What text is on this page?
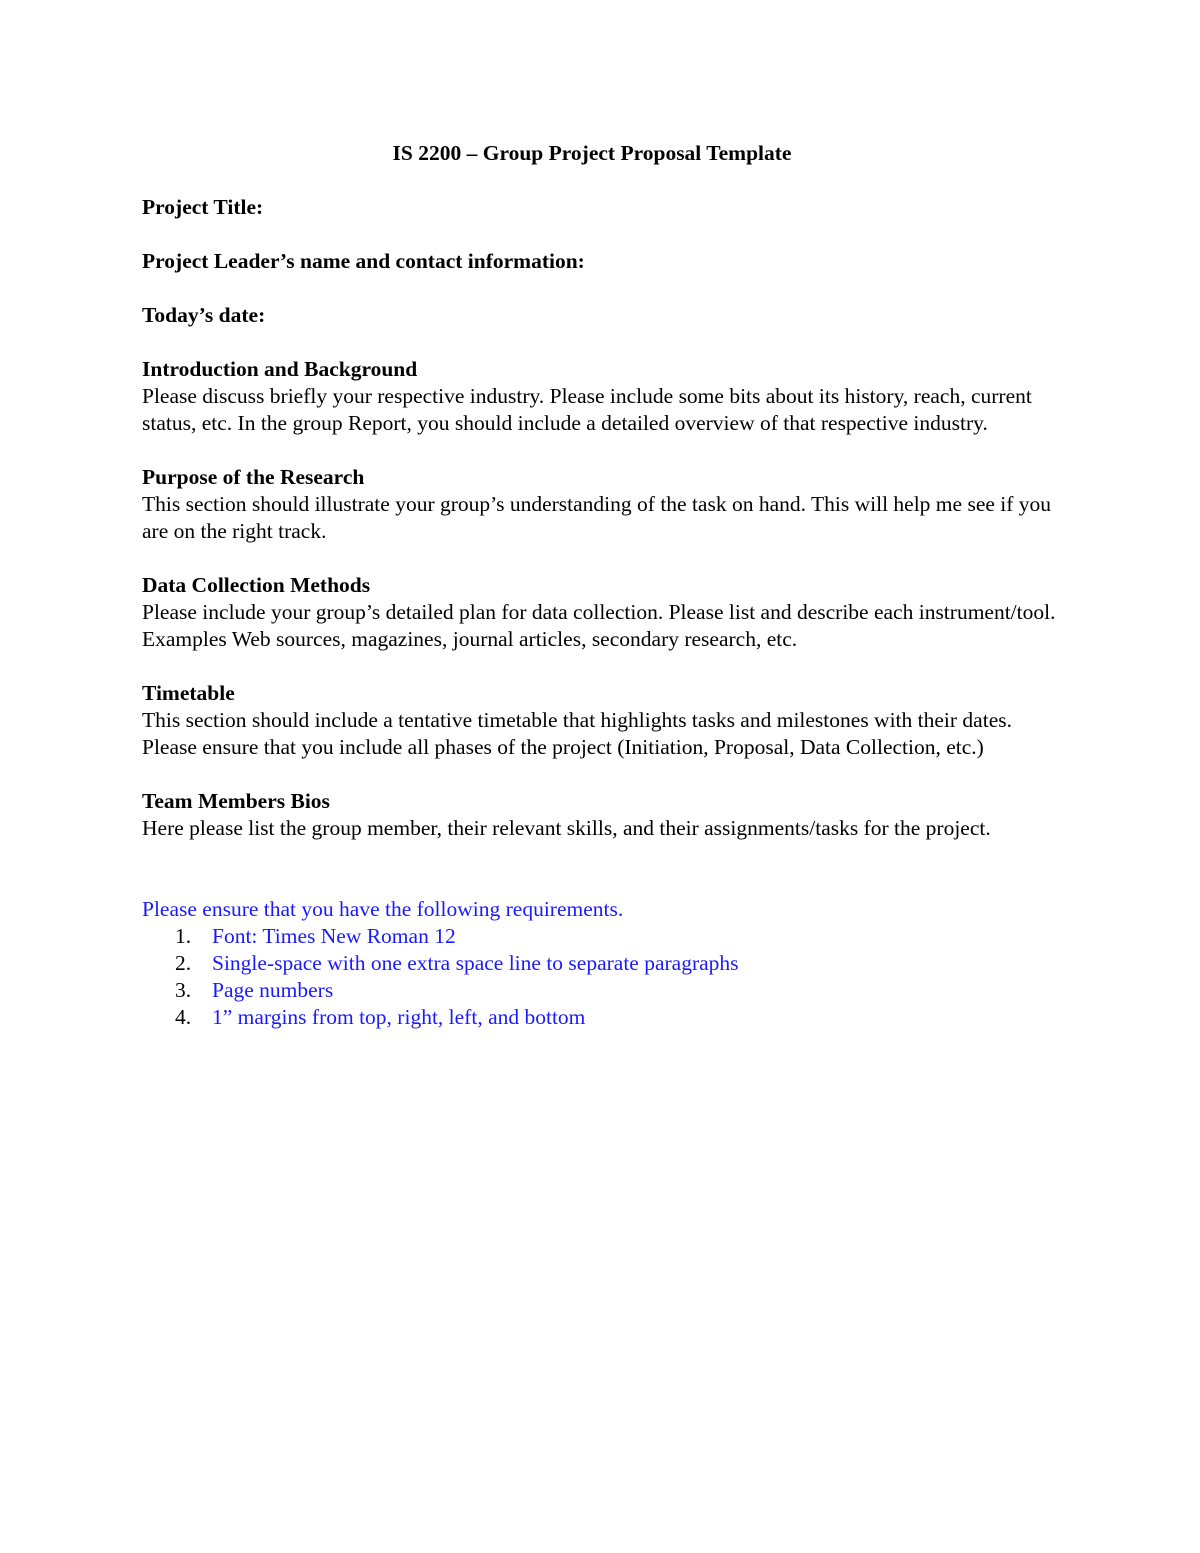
IS 2200 – Group Project Proposal Template

Project Title:

Project Leader’s name and contact information:

Today’s date:

Introduction and Background

Please discuss briefly your respective industry. Please include some bits about its history, reach, current status, etc. In the group Report, you should include a detailed overview of that respective industry.

Purpose of the Research

This section should illustrate your group’s understanding of the task on hand. This will help me see if you are on the right track.

Data Collection Methods

Please include your group’s detailed plan for data collection. Please list and describe each instrument/tool. Examples Web sources, magazines, journal articles, secondary research, etc.

Timetable

This section should include a tentative timetable that highlights tasks and milestones with their dates. Please ensure that you include all phases of the project (Initiation, Proposal, Data Collection, etc.)

Team Members Bios

Here please list the group member, their relevant skills, and their assignments/tasks for the project.

Please ensure that you have the following requirements.

1. Font: Times New Roman 12
2. Single-space with one extra space line to separate paragraphs
3. Page numbers
4. 1” margins from top, right, left, and bottom
